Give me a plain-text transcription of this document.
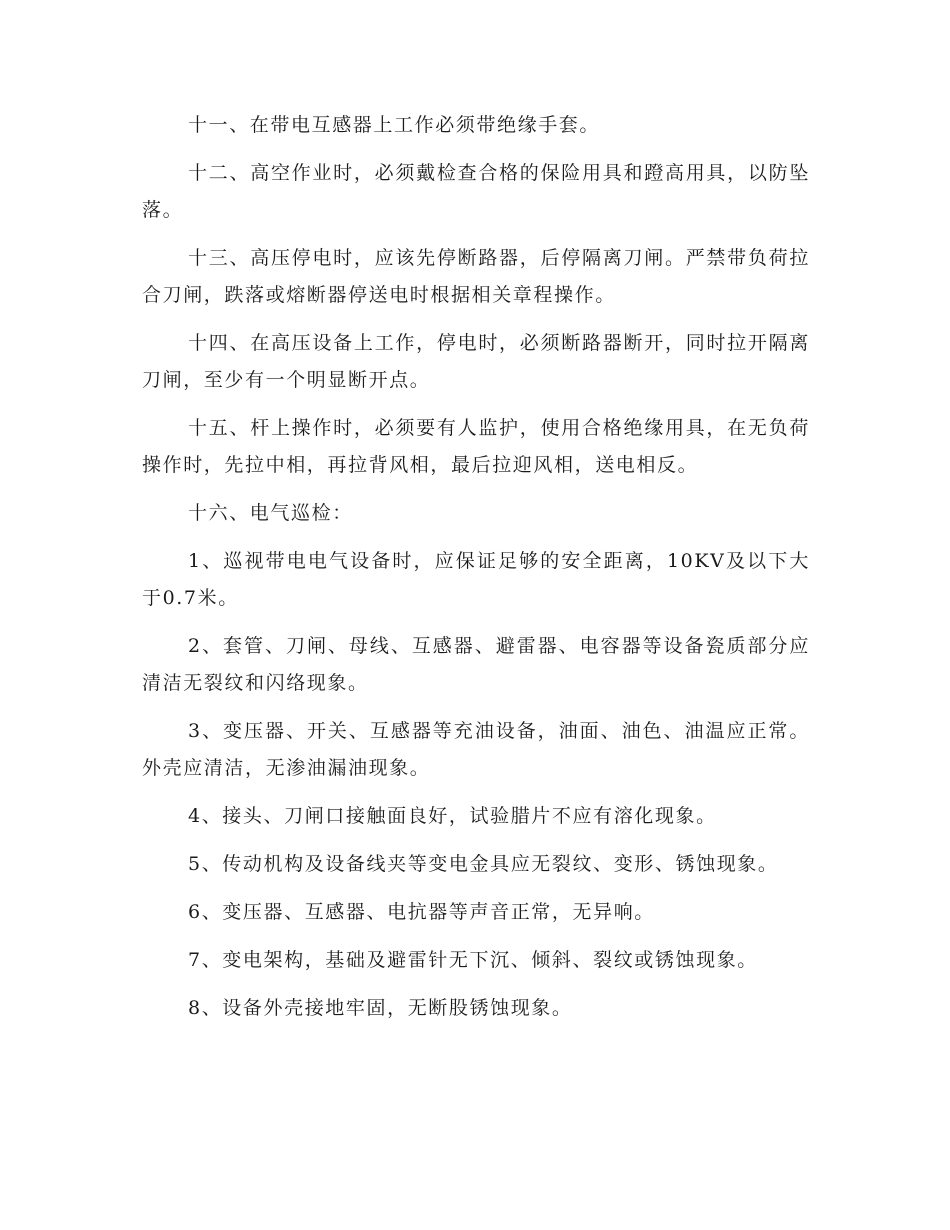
十一、在带电互感器上工作必须带绝缘手套。

十二、高空作业时，必须戴检查合格的保险用具和蹬高用具，以防坠落。

十三、高压停电时，应该先停断路器，后停隔离刀闸。严禁带负荷拉合刀闸，跌落或熔断器停送电时根据相关章程操作。

十四、在高压设备上工作，停电时，必须断路器断开，同时拉开隔离刀闸，至少有一个明显断开点。

十五、杆上操作时，必须要有人监护，使用合格绝缘用具，在无负荷操作时，先拉中相，再拉背风相，最后拉迎风相，送电相反。

十六、电气巡检：

1、巡视带电电气设备时，应保证足够的安全距离，10KV及以下大于0.7米。

2、套管、刀闸、母线、互感器、避雷器、电容器等设备瓷质部分应清洁无裂纹和闪络现象。

3、变压器、开关、互感器等充油设备，油面、油色、油温应正常。外壳应清洁，无渗油漏油现象。

4、接头、刀闸口接触面良好，试验腊片不应有溶化现象。

5、传动机构及设备线夹等变电金具应无裂纹、变形、锈蚀现象。

6、变压器、互感器、电抗器等声音正常，无异响。

7、变电架构，基础及避雷针无下沉、倾斜、裂纹或锈蚀现象。

8、设备外壳接地牢固，无断股锈蚀现象。
